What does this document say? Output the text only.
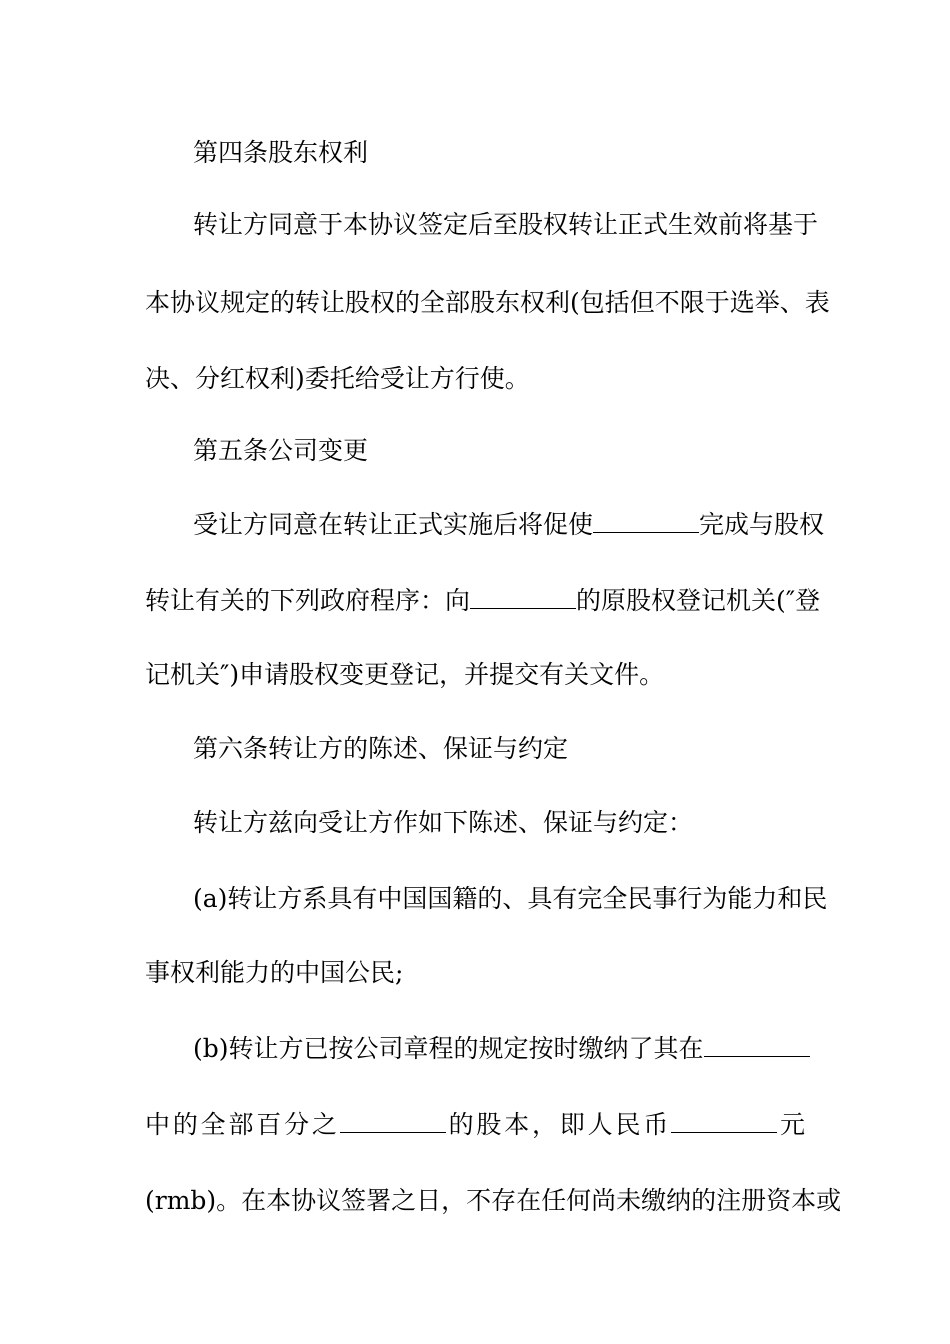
第四条股东权利
转让方同意于本协议签定后至股权转让正式生效前将基于
本协议规定的转让股权的全部股东权利(包括但不限于选举、表
决、分红权利)委托给受让方行使。
第五条公司变更
受让方同意在转让正式实施后将促使	完成与股权
转让有关的下列政府程序：向	的原股权登记机关(″登
记机关″)申请股权变更登记，并提交有关文件。
第六条转让方的陈述、保证与约定
转让方兹向受让方作如下陈述、保证与约定：
(a)转让方系具有中国国籍的、具有完全民事行为能力和民
事权利能力的中国公民;
(b)转让方已按公司章程的规定按时缴纳了其在
中的全部百分之	的股本，即人民币	元
(rmb)。在本协议签署之日，不存在任何尚未缴纳的注册资本或
